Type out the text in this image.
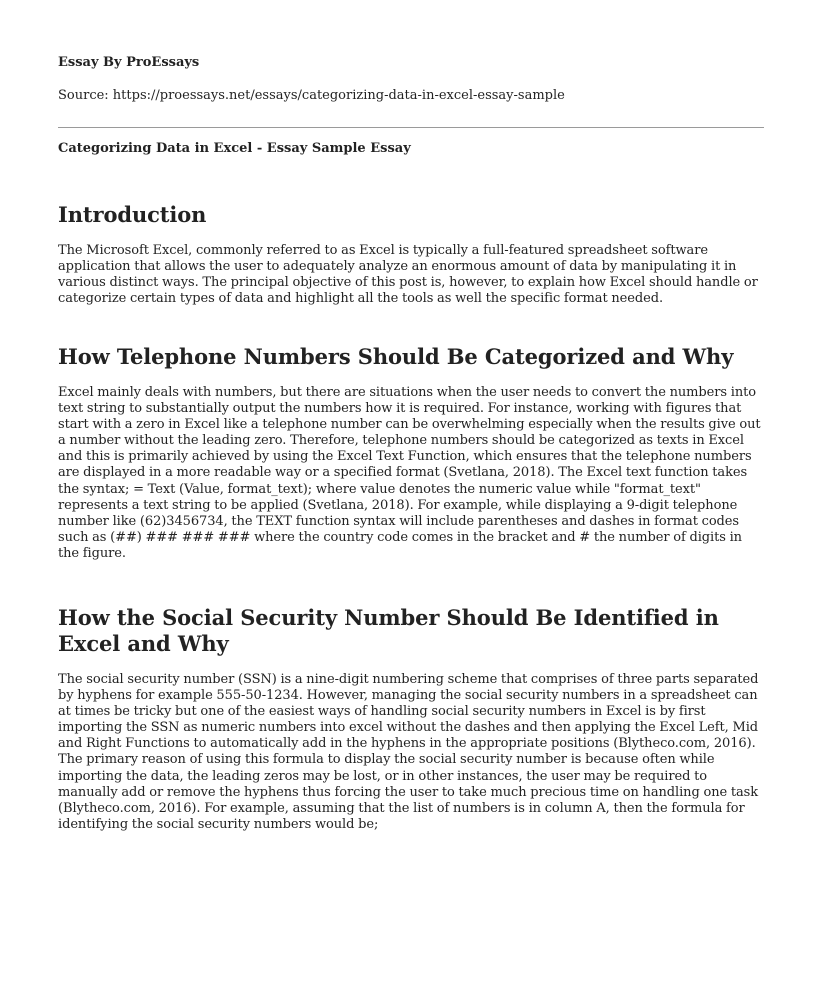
Essay By ProEssays
Source: https://proessays.net/essays/categorizing-data-in-excel-essay-sample
Categorizing Data in Excel - Essay Sample Essay
Introduction

The Microsoft Excel, commonly referred to as Excel is typically a full-featured spreadsheet software application that allows the user to adequately analyze an enormous amount of data by manipulating it in various distinct ways. The principal objective of this post is, however, to explain how Excel should handle or categorize certain types of data and highlight all the tools as well the specific format needed.

How Telephone Numbers Should Be Categorized and Why

Excel mainly deals with numbers, but there are situations when the user needs to convert the numbers into text string to substantially output the numbers how it is required. For instance, working with figures that start with a zero in Excel like a telephone number can be overwhelming especially when the results give out a number without the leading zero. Therefore, telephone numbers should be categorized as texts in Excel and this is primarily achieved by using the Excel Text Function, which ensures that the telephone numbers are displayed in a more readable way or a specified format (Svetlana, 2018). The Excel text function takes the syntax; = Text (Value, format_text); where value denotes the numeric value while "format_text" represents a text string to be applied (Svetlana, 2018). For example, while displaying a 9-digit telephone number like (62)3456734, the TEXT function syntax will include parentheses and dashes in format codes such as (##) ### ### ### where the country code comes in the bracket and # the number of digits in the figure.

How the Social Security Number Should Be Identified in Excel and Why

The social security number (SSN) is a nine-digit numbering scheme that comprises of three parts separated by hyphens for example 555-50-1234. However, managing the social security numbers in a spreadsheet can at times be tricky but one of the easiest ways of handling social security numbers in Excel is by first importing the SSN as numeric numbers into excel without the dashes and then applying the Excel Left, Mid and Right Functions to automatically add in the hyphens in the appropriate positions (Blytheco.com, 2016). The primary reason of using this formula to display the social security number is because often while importing the data, the leading zeros may be lost, or in other instances, the user may be required to manually add or remove the hyphens thus forcing the user to take much precious time on handling one task (Blytheco.com, 2016). For example, assuming that the list of numbers is in column A, then the formula for identifying the social security numbers would be;
